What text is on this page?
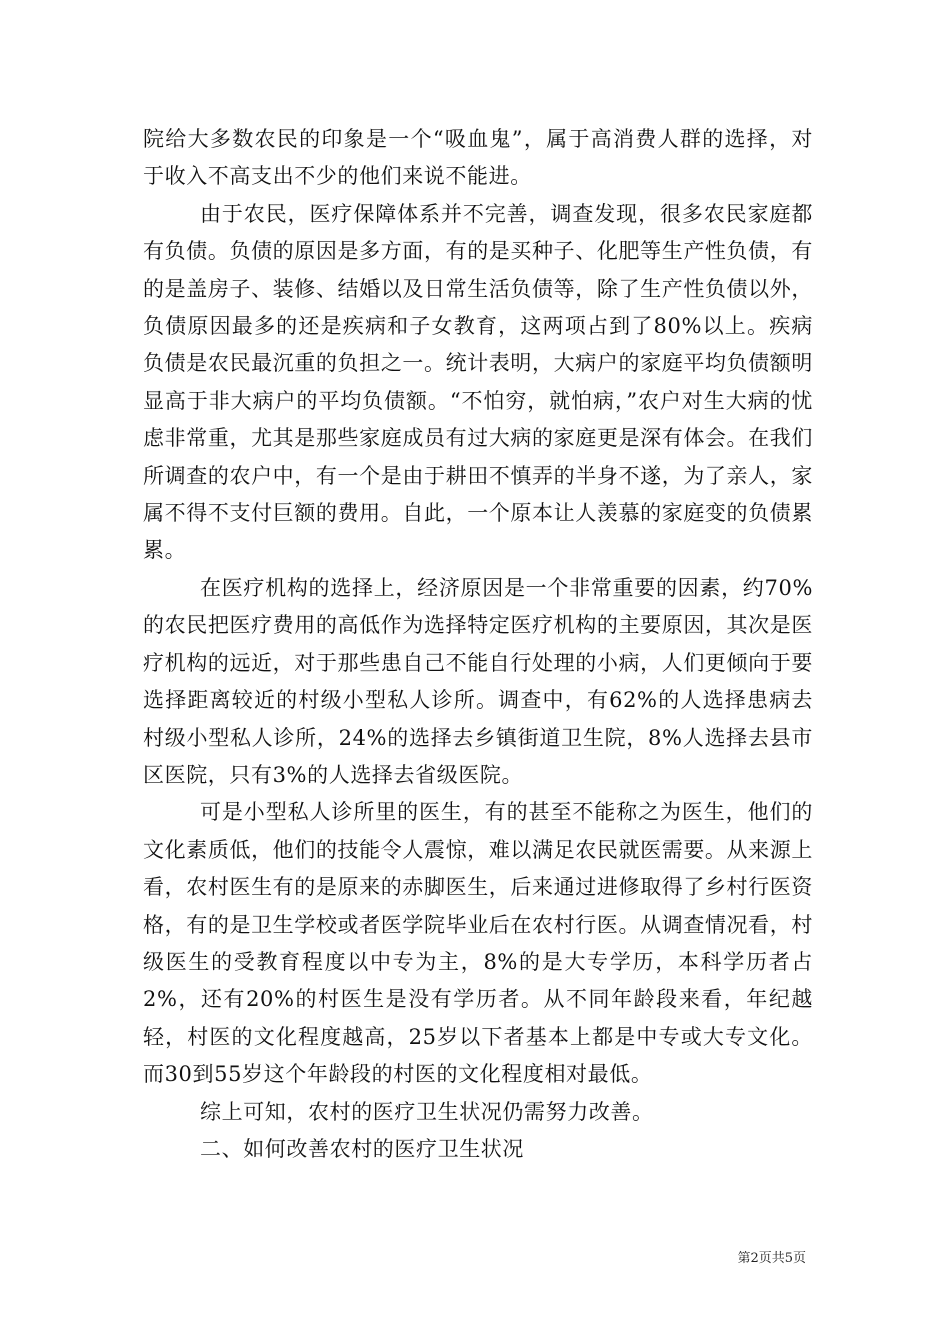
院给大多数农民的印象是一个“吸血鬼”，属于高消费人群的选择，对于收入不高支出不少的他们来说不能进。

由于农民，医疗保障体系并不完善，调查发现，很多农民家庭都有负债。负债的原因是多方面，有的是买种子、化肥等生产性负债，有的是盖房子、装修、结婚以及日常生活负债等，除了生产性负债以外，负债原因最多的还是疾病和子女教育，这两项占到了80%以上。疾病负债是农民最沉重的负担之一。统计表明，大病户的家庭平均负债额明显高于非大病户的平均负债额。“不怕穷，就怕病，”农户对生大病的忧虑非常重，尤其是那些家庭成员有过大病的家庭更是深有体会。在我们所调查的农户中，有一个是由于耕田不慎弄的半身不遂，为了亲人，家属不得不支付巨额的费用。自此，一个原本让人羡慕的家庭变的负债累累。

在医疗机构的选择上，经济原因是一个非常重要的因素，约70%的农民把医疗费用的高低作为选择特定医疗机构的主要原因，其次是医疗机构的远近，对于那些患自己不能自行处理的小病，人们更倾向于要选择距离较近的村级小型私人诊所。调查中，有62%的人选择患病去村级小型私人诊所，24%的选择去乡镇街道卫生院，8%人选择去县市区医院，只有3%的人选择去省级医院。

可是小型私人诊所里的医生，有的甚至不能称之为医生，他们的文化素质低，他们的技能令人震惊，难以满足农民就医需要。从来源上看，农村医生有的是原来的赤脚医生，后来通过进修取得了乡村行医资格，有的是卫生学校或者医学院毕业后在农村行医。从调查情况看，村级医生的受教育程度以中专为主，8%的是大专学历，本科学历者占2%，还有20%的村医生是没有学历者。从不同年龄段来看，年纪越轻，村医的文化程度越高，25岁以下者基本上都是中专或大专文化。而30到55岁这个年龄段的村医的文化程度相对最低。

综上可知，农村的医疗卫生状况仍需努力改善。

二、如何改善农村的医疗卫生状况

第2页共5页
